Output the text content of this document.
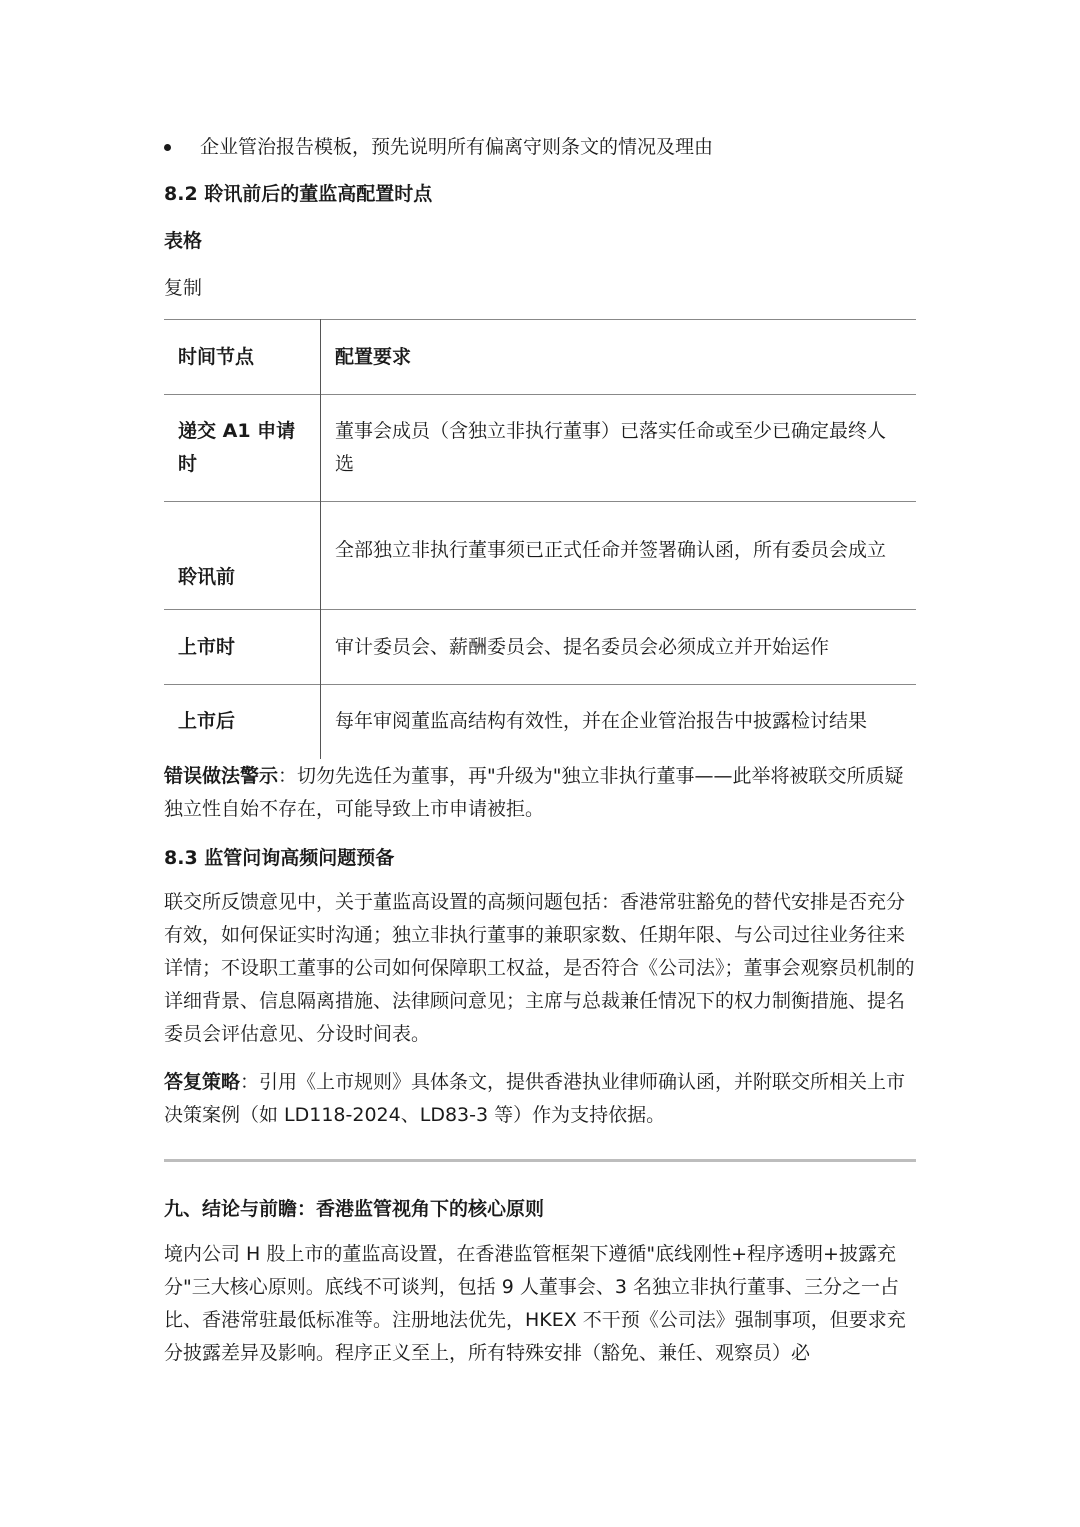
企业管治报告模板，预先说明所有偏离守则条文的情况及理由
8.2 聆讯前后的董监高配置时点
表格
复制
时间节点	配置要求
递交 A1 申请时	董事会成员（含独立非执行董事）已落实任命或至少已确定最终人选
聆讯前	全部独立非执行董事须已正式任命并签署确认函，所有委员会成立
上市时	审计委员会、薪酬委员会、提名委员会必须成立并开始运作
上市后	每年审阅董监高结构有效性，并在企业管治报告中披露检讨结果
错误做法警示：切勿先选任为董事，再"升级为"独立非执行董事——此举将被联交所质疑独立性自始不存在，可能导致上市申请被拒。
8.3 监管问询高频问题预备
联交所反馈意见中，关于董监高设置的高频问题包括：香港常驻豁免的替代安排是否充分有效，如何保证实时沟通；独立非执行董事的兼职家数、任期年限、与公司过往业务往来详情；不设职工董事的公司如何保障职工权益，是否符合《公司法》；董事会观察员机制的详细背景、信息隔离措施、法律顾问意见；主席与总裁兼任情况下的权力制衡措施、提名委员会评估意见、分设时间表。
答复策略：引用《上市规则》具体条文，提供香港执业律师确认函，并附联交所相关上市决策案例（如 LD118-2024、LD83-3 等）作为支持依据。
九、结论与前瞻：香港监管视角下的核心原则
境内公司 H 股上市的董监高设置，在香港监管框架下遵循"底线刚性+程序透明+披露充分"三大核心原则。底线不可谈判，包括 9 人董事会、3 名独立非执行董事、三分之一占比、香港常驻最低标准等。注册地法优先，HKEX 不干预《公司法》强制事项，但要求充分披露差异及影响。程序正义至上，所有特殊安排（豁免、兼任、观察员）必
